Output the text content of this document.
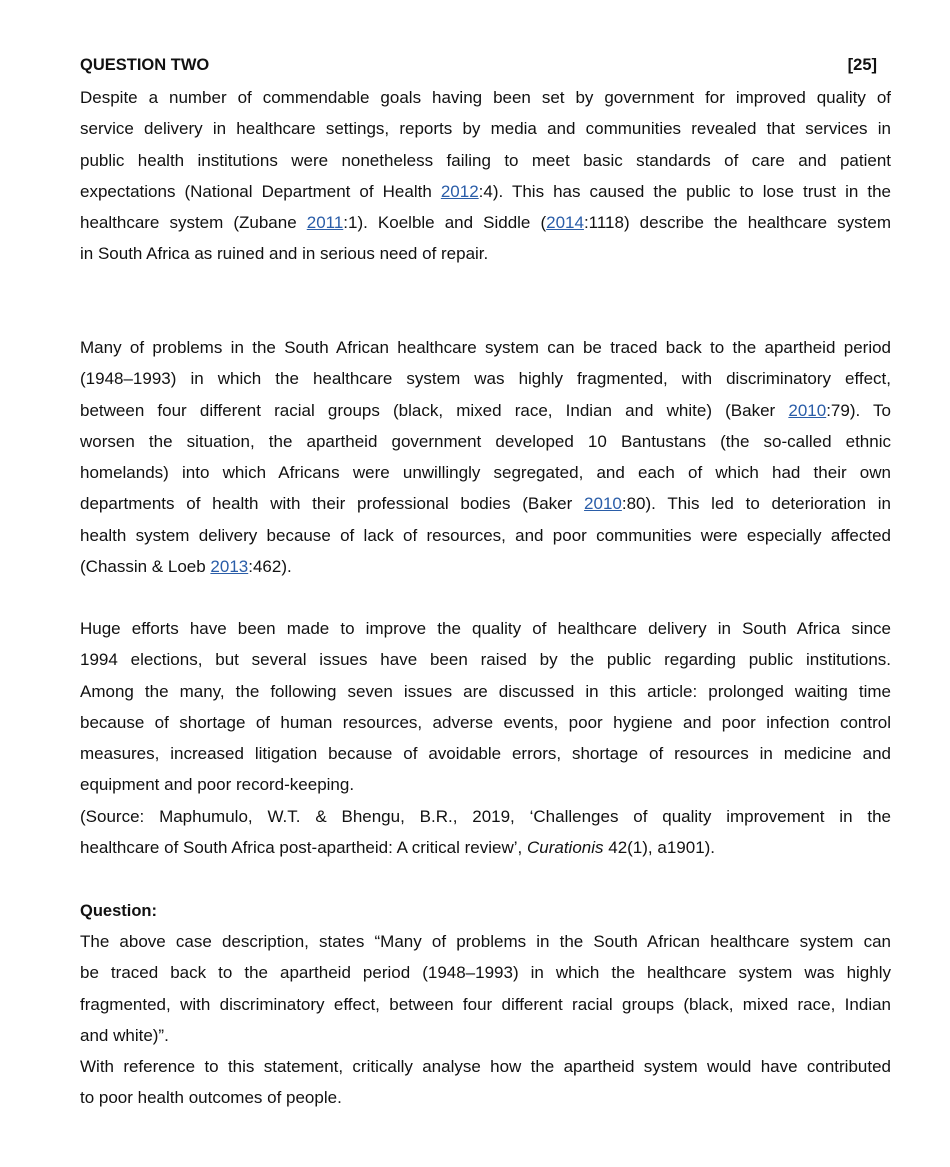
QUESTION TWO	[25]
Despite a number of commendable goals having been set by government for improved quality of
service delivery in healthcare settings, reports by media and communities revealed that services in
public health institutions were nonetheless failing to meet basic standards of care and patient
expectations (National Department of Health 2012:4). This has caused the public to lose trust in the
healthcare system (Zubane 2011:1). Koelble and Siddle (2014:1118) describe the healthcare system
in South Africa as ruined and in serious need of repair.
Many of problems in the South African healthcare system can be traced back to the apartheid period
(1948–1993) in which the healthcare system was highly fragmented, with discriminatory effect,
between four different racial groups (black, mixed race, Indian and white) (Baker 2010:79). To
worsen the situation, the apartheid government developed 10 Bantustans (the so-called ethnic
homelands) into which Africans were unwillingly segregated, and each of which had their own
departments of health with their professional bodies (Baker 2010:80). This led to deterioration in
health system delivery because of lack of resources, and poor communities were especially affected
(Chassin & Loeb 2013:462).
Huge efforts have been made to improve the quality of healthcare delivery in South Africa since
1994 elections, but several issues have been raised by the public regarding public institutions.
Among the many, the following seven issues are discussed in this article: prolonged waiting time
because of shortage of human resources, adverse events, poor hygiene and poor infection control
measures, increased litigation because of avoidable errors, shortage of resources in medicine and
equipment and poor record-keeping.
(Source: Maphumulo, W.T. & Bhengu, B.R., 2019, ‘Challenges of quality improvement in the
healthcare of South Africa post-apartheid: A critical review’, Curationis 42(1), a1901).
Question:
The above case description, states “Many of problems in the South African healthcare system can
be traced back to the apartheid period (1948–1993) in which the healthcare system was highly
fragmented, with discriminatory effect, between four different racial groups (black, mixed race, Indian
and white)”.
With reference to this statement, critically analyse how the apartheid system would have contributed
to poor health outcomes of people.
